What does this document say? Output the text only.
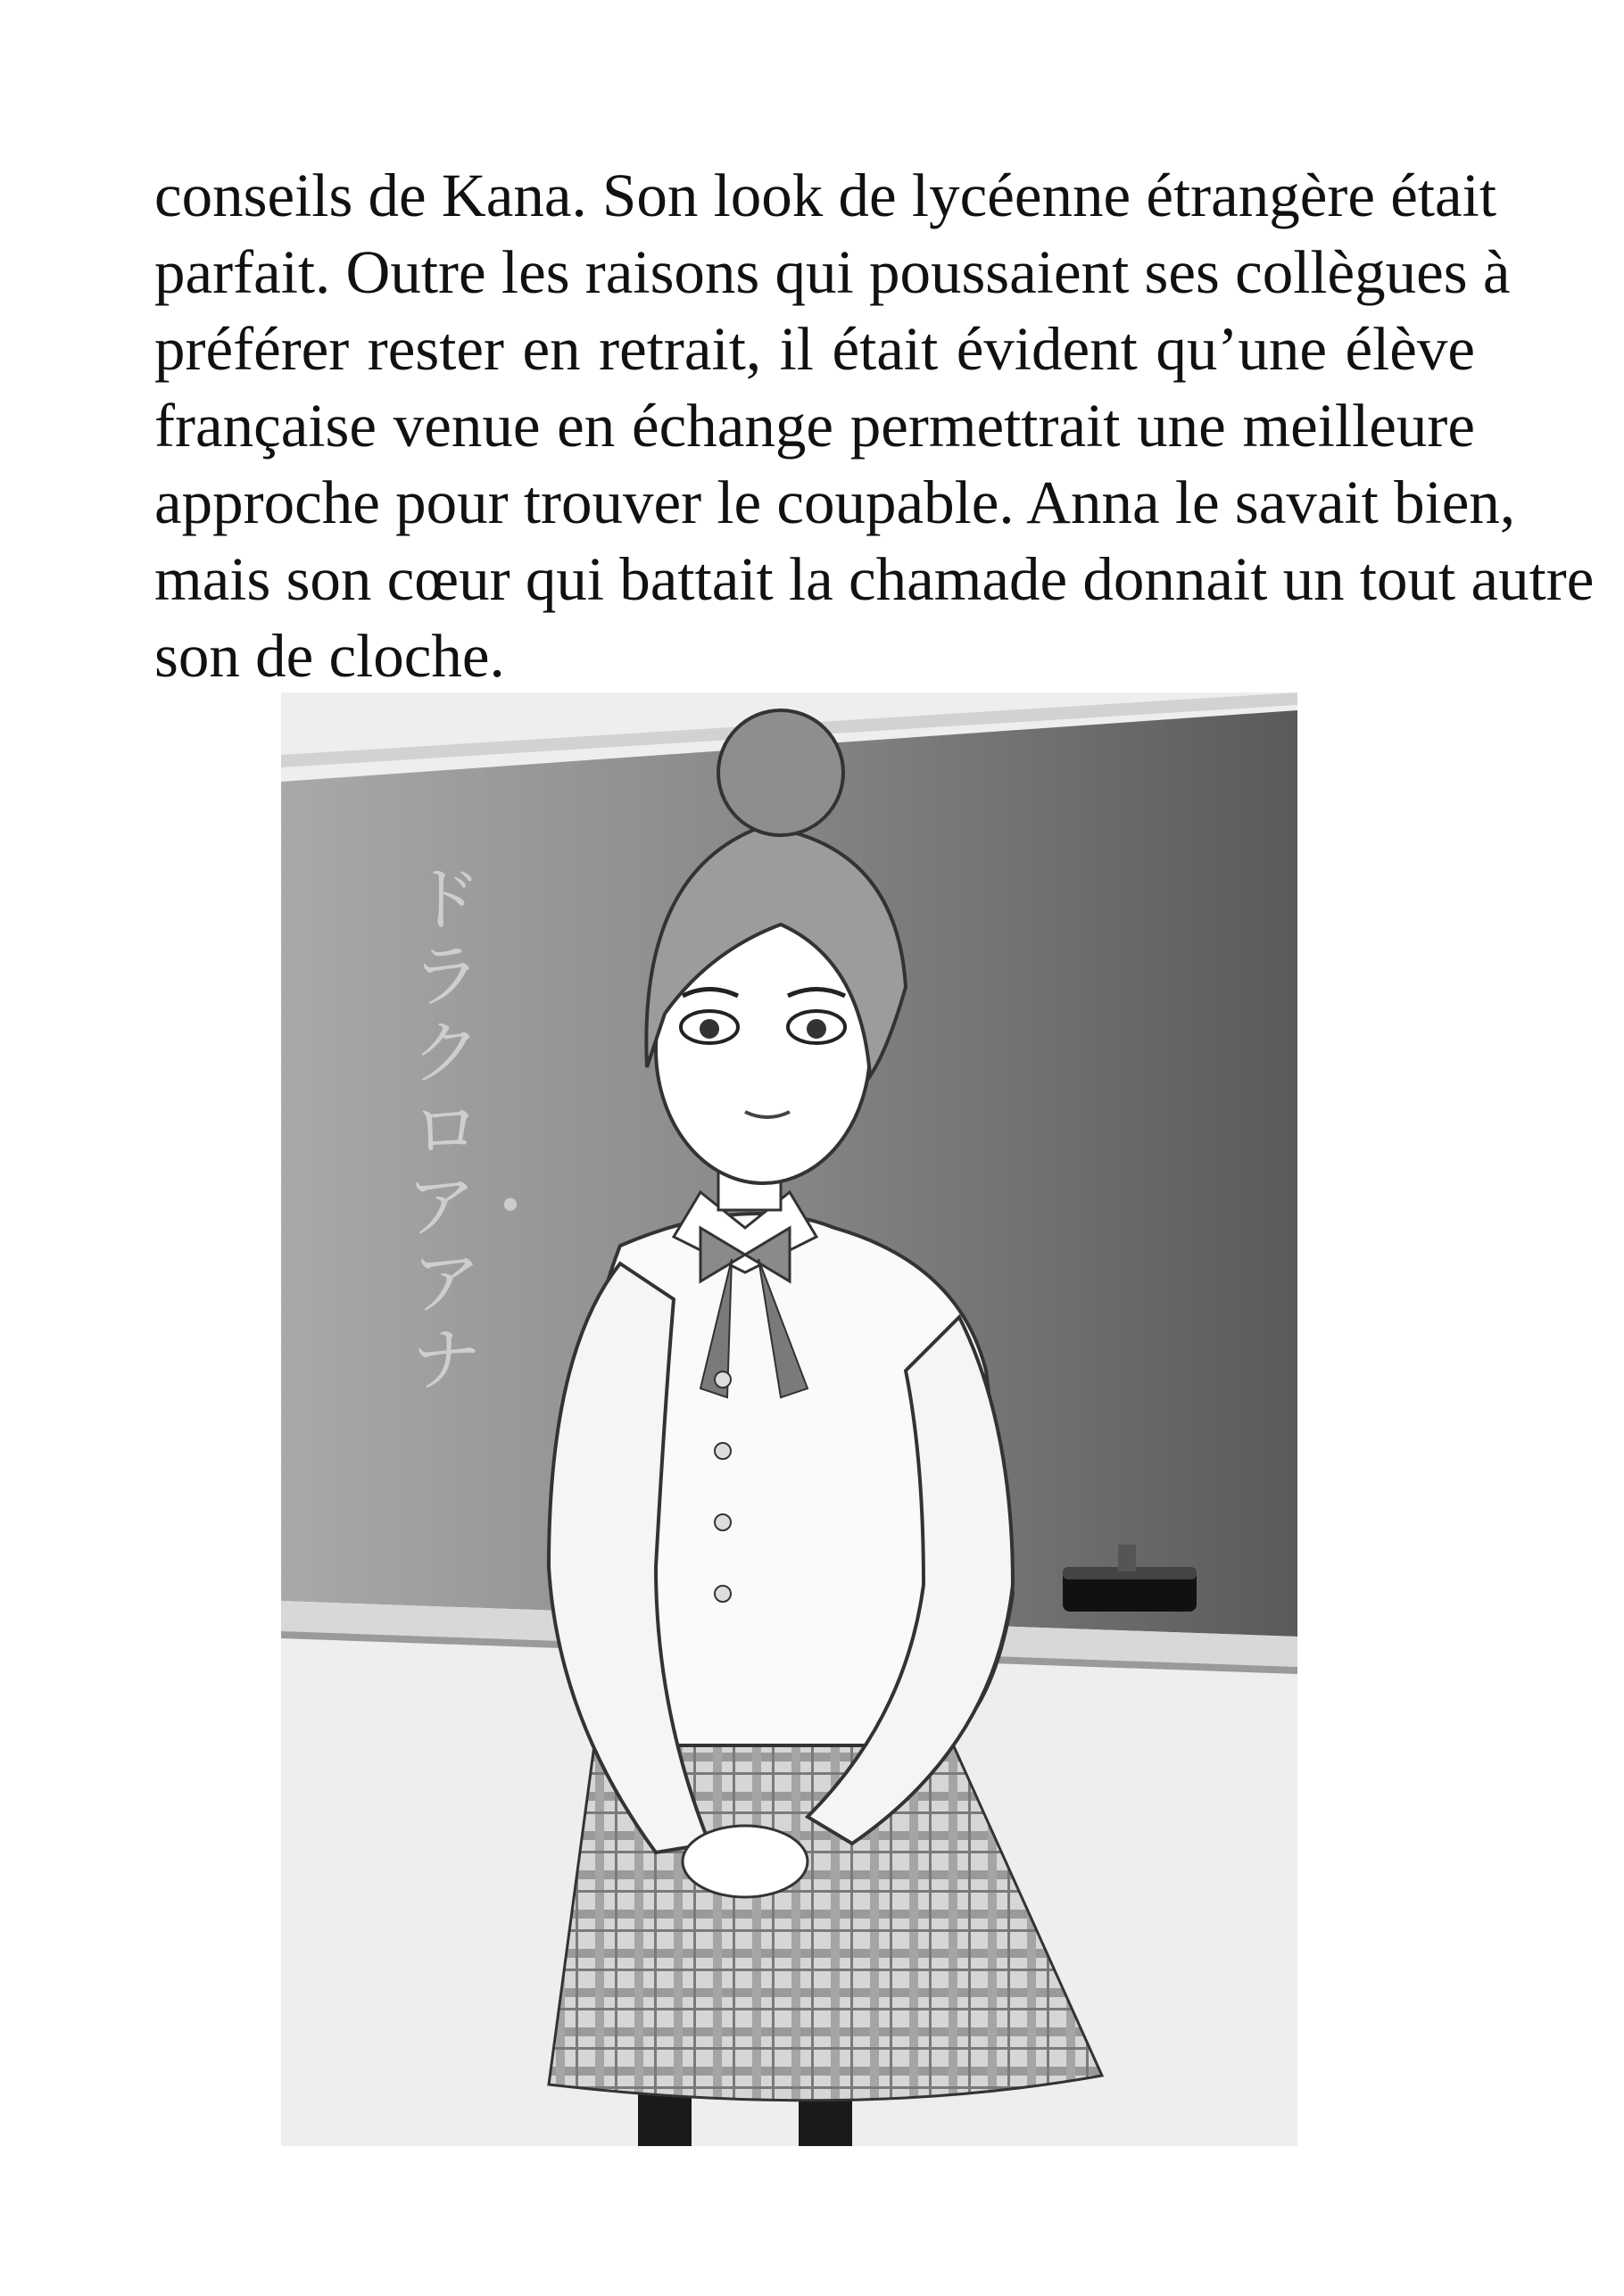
conseils de Kana. Son look de lycéenne étrangère était
parfait. Outre les raisons qui poussaient ses collègues à
préférer rester en retrait, il était évident qu’une élève
française venue en échange permettrait une meilleure
approche pour trouver le coupable. Anna le savait bien,
mais son cœur qui battait la chamade donnait un tout autre
son de cloche.
ドラクロア・アナ
